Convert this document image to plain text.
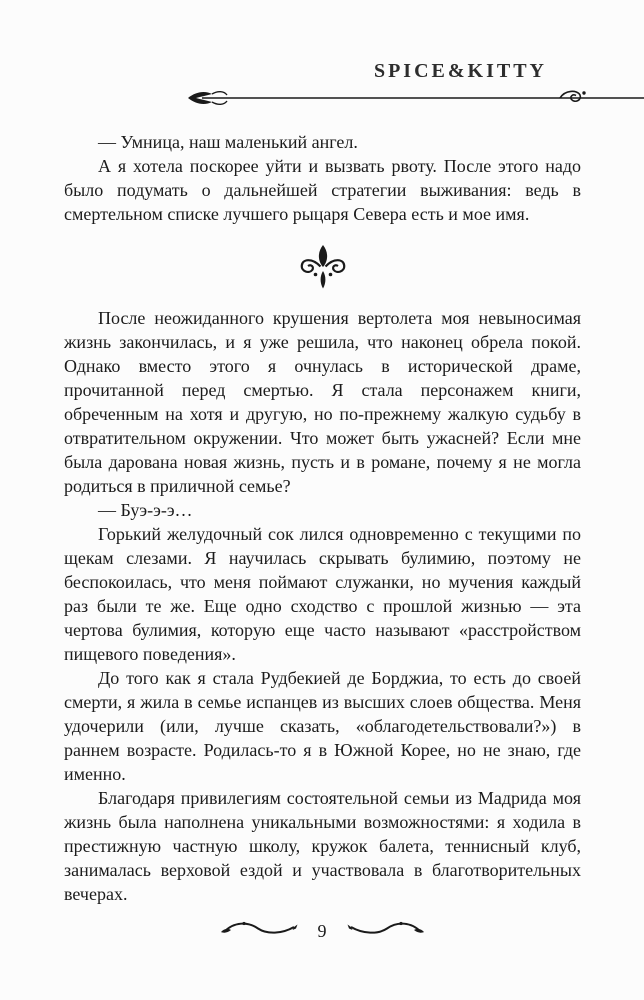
SPICE&KITTY

— Умница, наш маленький ангел.

А я хотела поскорее уйти и вызвать рвоту. После этого надо было подумать о дальнейшей стратегии выживания: ведь в смертельном списке лучшего рыцаря Севера есть и мое имя.

После неожиданного крушения вертолета моя невыносимая жизнь закончилась, и я уже решила, что наконец обрела покой. Однако вместо этого я очнулась в исторической драме, прочитанной перед смертью. Я стала персонажем книги, обреченным на хотя и другую, но по-прежнему жалкую судьбу в отвратительном окружении. Что может быть ужасней? Если мне была дарована новая жизнь, пусть и в романе, почему я не могла родиться в приличной семье?

— Буэ-э-э…

Горький желудочный сок лился одновременно с текущими по щекам слезами. Я научилась скрывать булимию, поэтому не беспокоилась, что меня поймают служанки, но мучения каждый раз были те же. Еще одно сходство с прошлой жизнью — эта чертова булимия, которую еще часто называют «расстройством пищевого поведения».

До того как я стала Рудбекией де Борджиа, то есть до своей смерти, я жила в семье испанцев из высших слоев общества. Меня удочерили (или, лучше сказать, «облагодетельствовали?») в раннем возрасте. Родилась-то я в Южной Корее, но не знаю, где именно.

Благодаря привилегиям состоятельной семьи из Мадрида моя жизнь была наполнена уникальными возможностями: я ходила в престижную частную школу, кружок балета, теннисный клуб, занималась верховой ездой и участвовала в благотворительных вечерах.

9
